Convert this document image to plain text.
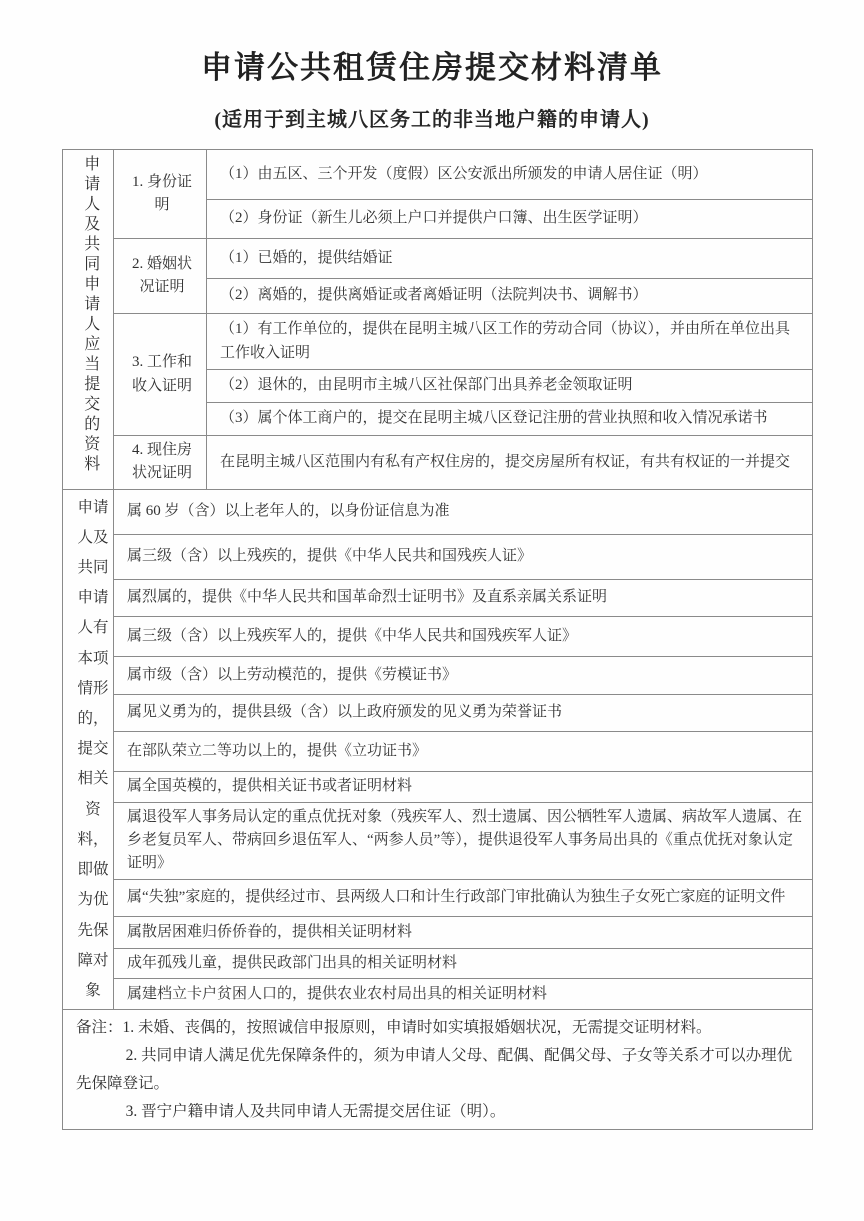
申请公共租赁住房提交材料清单
(适用于到主城八区务工的非当地户籍的申请人)
申请人及共同申请人应当提交的资料	1. 身份证明	（1）由五区、三个开发（度假）区公安派出所颁发的申请人居住证（明）
		（2）身份证（新生儿必须上户口并提供户口簿、出生医学证明）
	2. 婚姻状况证明	（1）已婚的，提供结婚证
		（2）离婚的，提供离婚证或者离婚证明（法院判决书、调解书）
	3. 工作和收入证明	（1）有工作单位的，提供在昆明主城八区工作的劳动合同（协议），并由所在单位出具工作收入证明
		（2）退休的，由昆明市主城八区社保部门出具养老金领取证明
		（3）属个体工商户的，提交在昆明主城八区登记注册的营业执照和收入情况承诺书
	4. 现住房状况证明	在昆明主城八区范围内有私有产权住房的，提交房屋所有权证，有共有权证的一并提交

申请人及共同申请人有本项情形的，提交相关资料，即做为优先保障对象	属 60 岁（含）以上老年人的，以身份证信息为准	
	属三级（含）以上残疾的，提供《中华人民共和国残疾人证》	
	属烈属的，提供《中华人民共和国革命烈士证明书》及直系亲属关系证明	
	属三级（含）以上残疾军人的，提供《中华人民共和国残疾军人证》	
	属市级（含）以上劳动模范的，提供《劳模证书》	
	属见义勇为的，提供县级（含）以上政府颁发的见义勇为荣誉证书	
	在部队荣立二等功以上的，提供《立功证书》	
	属全国英模的，提供相关证书或者证明材料	
	属退役军人事务局认定的重点优抚对象（残疾军人、烈士遗属、因公牺牲军人遗属、病故军人遗属、在乡老复员军人、带病回乡退伍军人、“两参人员”等），提供退役军人事务局出具的《重点优抚对象认定证明》	
	属“失独”家庭的，提供经过市、县两级人口和计生行政部门审批确认为独生子女死亡家庭的证明文件	
	属散居困难归侨侨眷的，提供相关证明材料	
	成年孤残儿童，提供民政部门出具的相关证明材料	
	属建档立卡户贫困人口的，提供农业农村局出具的相关证明材料	

备注：1. 未婚、丧偶的，按照诚信申报原则，申请时如实填报婚姻状况，无需提交证明材料。

2. 共同申请人满足优先保障条件的，须为申请人父母、配偶、配偶父母、子女等关系才可以办理优先保障登记。

3. 晋宁户籍申请人及共同申请人无需提交居住证（明）。		
